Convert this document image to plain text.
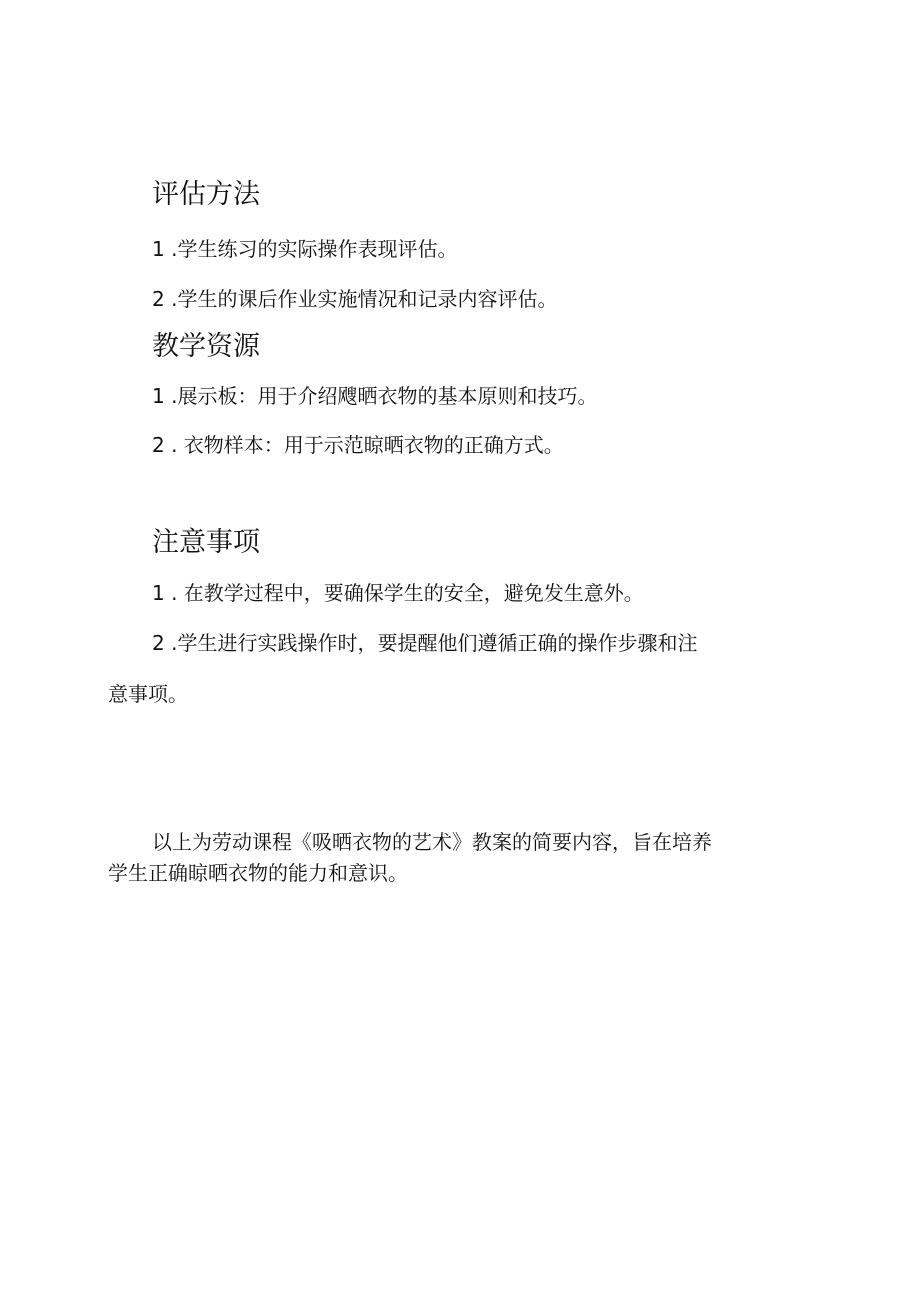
评估方法

1 .学生练习的实际操作表现评估。

2 .学生的课后作业实施情况和记录内容评估。

教学资源

1 .展示板：用于介绍飕晒衣物的基本原则和技巧。

2 . 衣物样本：用于示范晾晒衣物的正确方式。

注意事项

1 . 在教学过程中，要确保学生的安全，避免发生意外。

2 .学生进行实践操作时，要提醒他们遵循正确的操作步骤和注

意事项。

以上为劳动课程《吸晒衣物的艺术》教案的简要内容，旨在培养

学生正确晾晒衣物的能力和意识。
